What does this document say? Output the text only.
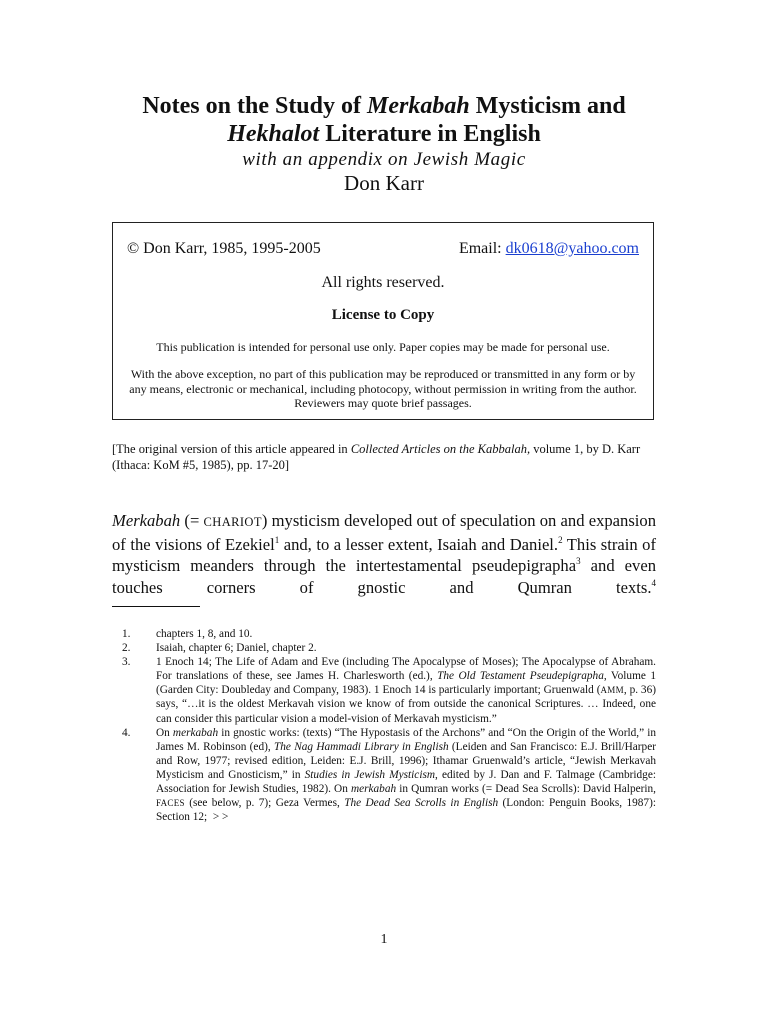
Notes on the Study of Merkabah Mysticism and
Hekhalot Literature in English
with an appendix on Jewish Magic
Don Karr
© Don Karr, 1985, 1995-2005	Email: dk0618@yahoo.com
All rights reserved.
License to Copy
This publication is intended for personal use only. Paper copies may be made for personal use.
With the above exception, no part of this publication may be reproduced or transmitted in any form or by any means, electronic or mechanical, including photocopy, without permission in writing from the author. Reviewers may quote brief passages.
[The original version of this article appeared in Collected Articles on the Kabbalah, volume 1, by D. Karr (Ithaca: KoM #5, 1985), pp. 17-20]
Merkabah (= CHARIOT) mysticism developed out of speculation on and expansion of the visions of Ezekiel$^1$ and, to a lesser extent, Isaiah and Daniel.$^2$ This strain of mysticism meanders through the intertestamental pseudepigrapha$^3$ and even touches corners of gnostic and Qumran texts.$^4$
1. chapters 1, 8, and 10.
2. Isaiah, chapter 6; Daniel, chapter 2.
3. 1 Enoch 14; The Life of Adam and Eve (including The Apocalypse of Moses); The Apocalypse of Abraham. For translations of these, see James H. Charlesworth (ed.), The Old Testament Pseudepigrapha, Volume 1 (Garden City: Doubleday and Company, 1983). 1 Enoch 14 is particularly important; Gruenwald (AMM, p. 36) says, “…it is the oldest Merkavah vision we know of from outside the canonical Scriptures. … Indeed, one can consider this particular vision a model-vision of Merkavah mysticism.”
4. On merkabah in gnostic works: (texts) “The Hypostasis of the Archons” and “On the Origin of the World,” in James M. Robinson (ed), The Nag Hammadi Library in English (Leiden and San Francisco: E.J. Brill/Harper and Row, 1977; revised edition, Leiden: E.J. Brill, 1996); Ithamar Gruenwald’s article, “Jewish Merkavah Mysticism and Gnosticism,” in Studies in Jewish Mysticism, edited by J. Dan and F. Talmage (Cambridge: Association for Jewish Studies, 1982). On merkabah in Qumran works (= Dead Sea Scrolls): David Halperin, FACES (see below, p. 7); Geza Vermes, The Dead Sea Scrolls in English (London: Penguin Books, 1987): Section 12; > >
1
